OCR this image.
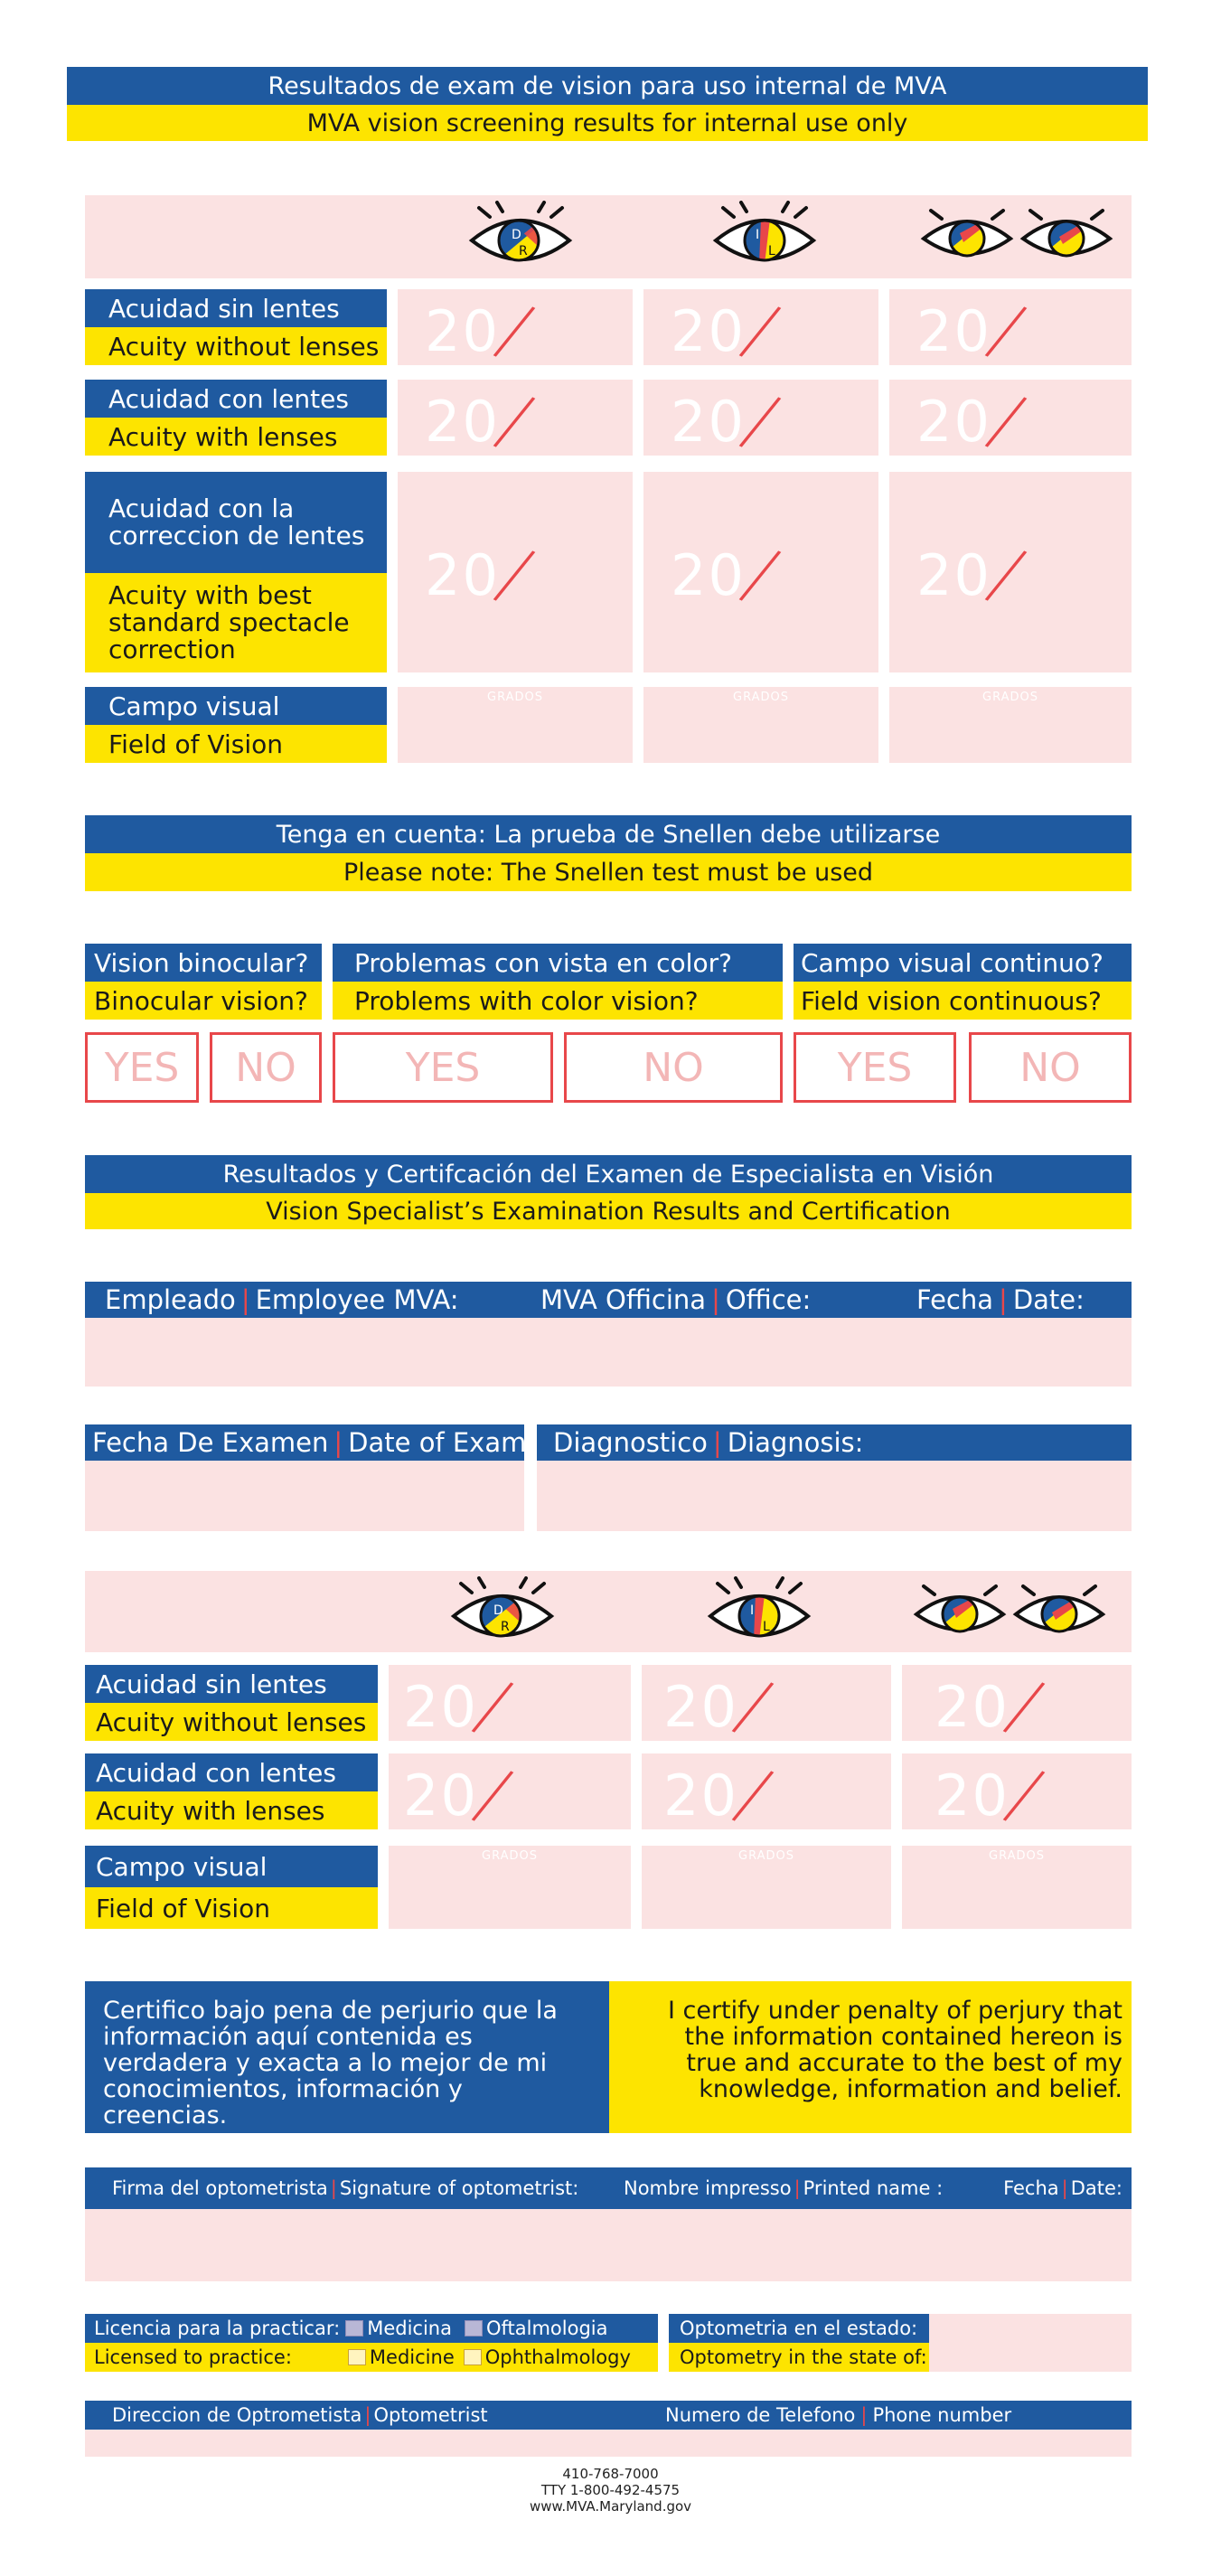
Resultados de exam de vision para uso internal de MVA
MVA vision screening results for internal use only
D
R
I
L
Acuidad sin lentes
Acuity without lenses 20	20	20
Acuidad con lentes
Acuity with lenses 20	20	20
Acuidad con la correccion de lentes
Acuity with best standard spectacle correction
20	20	20
Campo visual
Field of Vision
GRADOS	GRADOS	GRADOS
Tenga en cuenta: La prueba de Snellen debe utilizarse
Please note: The Snellen test must be used
Vision binocular?
Binocular vision?
Problemas con vista en color?
Problems with color vision?
Campo visual continuo?
Field vision continuous?
YES NO	YES	NO	YES	NO
Resultados y Certifcación del Examen de Especialista en Visión
Vision Specialist’s Examination Results and Certification
Empleado | Employee MVA:	MVA Officina | Office:	Fecha | Date:
Fecha De Examen | Date of Exam Diagnostico | Diagnosis:
D
R
I
L
Acuidad sin lentes
Acuity without lenses 20	20	20
Acuidad con lentes
Acuity with lenses 20	20	20
Campo visual
Field of Vision
GRADOS	GRADOS	GRADOS
Certifico bajo pena de perjurio que la información aquí contenida es verdadera y exacta a lo mejor de mi conocimientos, información y creencias.
I certify under penalty of perjury that the information contained hereon is true and accurate to the best of my knowledge, information and belief.
Firma del optometrista | Signature of optometrist: Nombre impresso | Printed name :	Fecha | Date:
Licencia para la practicar: Medicina Oftalmologia
Licensed to practice:	Medicine Ophthalmology
Optometria en el estado:
Optometry in the state of:
Direccion de Optrometista | Optometrist	Numero de Telefono | Phone number
410-768-7000
TTY 1-800-492-4575
www.MVA.Maryland.gov
